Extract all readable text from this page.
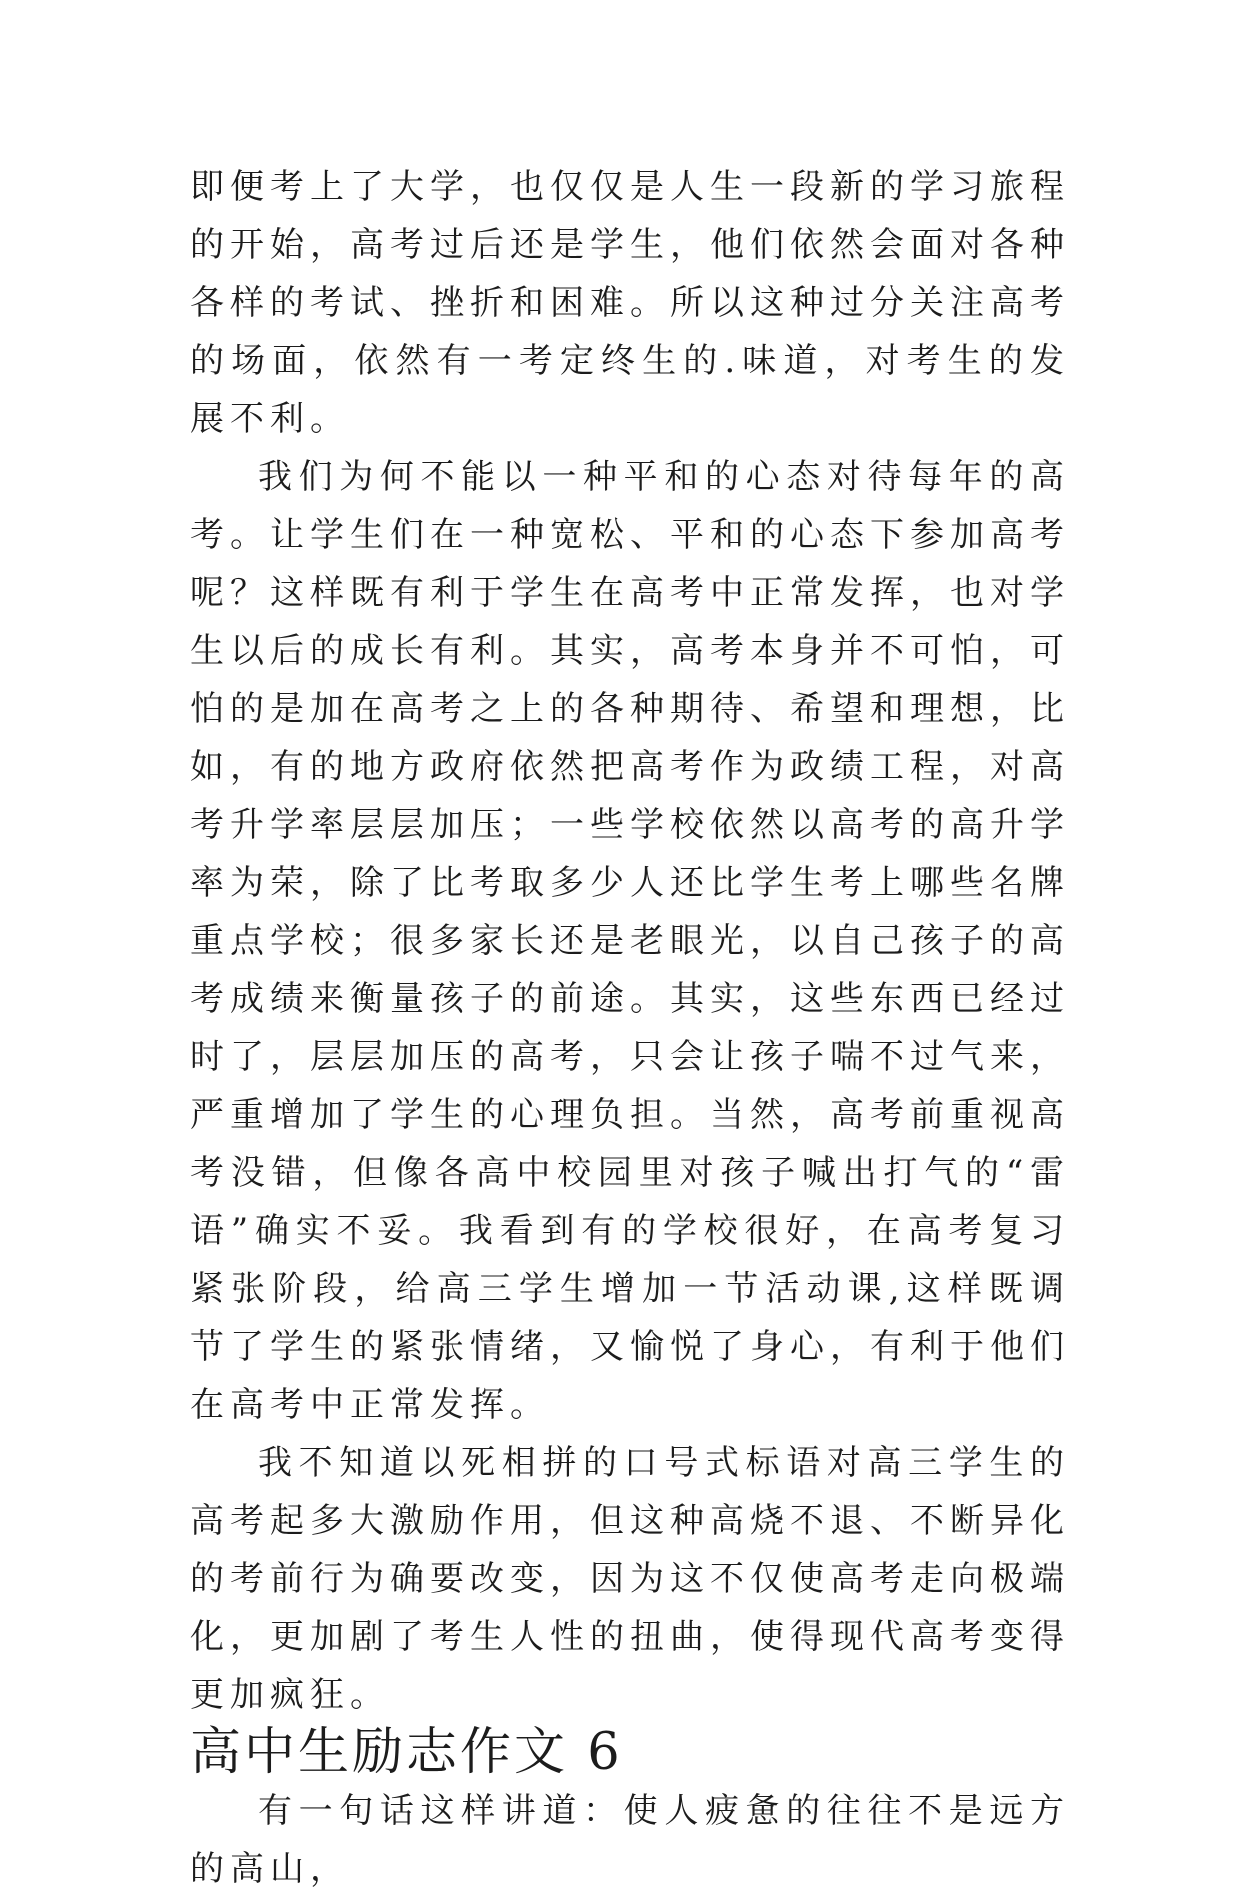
即便考上了大学，也仅仅是人生一段新的学习旅程的开始，高考过后还是学生，他们依然会面对各种各样的考试、挫折和困难。所以这种过分关注高考的场面，依然有一考定终生的.味道，对考生的发展不利。

我们为何不能以一种平和的心态对待每年的高考。让学生们在一种宽松、平和的心态下参加高考呢？这样既有利于学生在高考中正常发挥，也对学生以后的成长有利。其实，高考本身并不可怕，可怕的是加在高考之上的各种期待、希望和理想，比如，有的地方政府依然把高考作为政绩工程，对高考升学率层层加压；一些学校依然以高考的高升学率为荣，除了比考取多少人还比学生考上哪些名牌重点学校；很多家长还是老眼光，以自己孩子的高考成绩来衡量孩子的前途。其实，这些东西已经过时了，层层加压的高考，只会让孩子喘不过气来，严重增加了学生的心理负担。当然，高考前重视高考没错，但像各高中校园里对孩子喊出打气的“雷语”确实不妥。我看到有的学校很好，在高考复习紧张阶段，给高三学生增加一节活动课,这样既调节了学生的紧张情绪，又愉悦了身心，有利于他们在高考中正常发挥。

我不知道以死相拼的口号式标语对高三学生的高考起多大激励作用，但这种高烧不退、不断异化的考前行为确要改变，因为这不仅使高考走向极端化，更加剧了考生人性的扭曲，使得现代高考变得更加疯狂。

高中生励志作文 6

有一句话这样讲道：使人疲惫的往往不是远方的高山，
